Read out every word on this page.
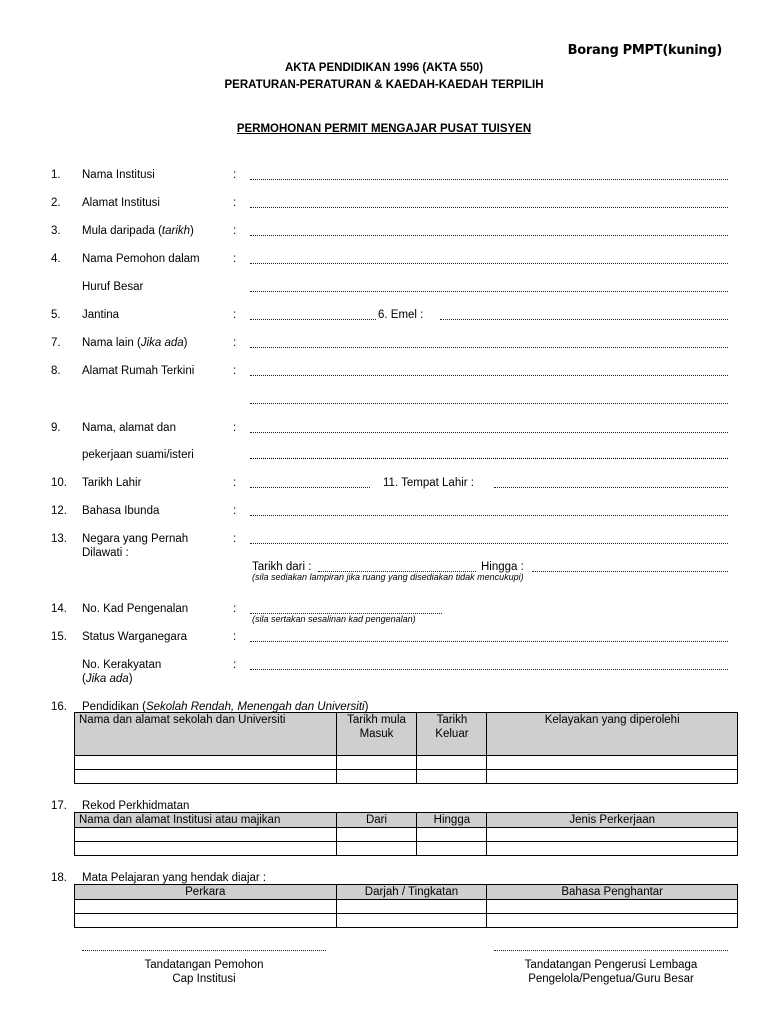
Borang PMPT(kuning)
AKTA PENDIDIKAN 1996 (AKTA 550)
PERATURAN-PERATURAN & KAEDAH-KAEDAH TERPILIH
PERMOHONAN PERMIT MENGAJAR PUSAT TUISYEN
1. Nama Institusi	:
2. Alamat Institusi	:
3. Mula daripada (tarikh)	:
4. Nama Pemohon dalam	:
Huruf Besar
5. Jantina	:	6. Emel :
7. Nama lain (Jika ada)	:
8. Alamat Rumah Terkini	:
9. Nama, alamat dan	:
pekerjaan suami/isteri
10. Tarikh Lahir	:	11. Tempat Lahir :
12. Bahasa Ibunda	:
13. Negara yang Pernah	:
Dilawati :
Tarikh dari :	Hingga :
(sila sediakan lampiran jika ruang yang disediakan tidak mencukupi)
14. No. Kad Pengenalan	:
(sila sertakan sesalinan kad pengenalan)
15. Status Warganegara	:
No. Kerakyatan	:
(Jika ada)
16. Pendidikan (Sekolah Rendah, Menengah dan Universiti)
Nama dan alamat sekolah dan Universiti	Tarikh mula Masuk	Tarikh Keluar	Kelayakan yang diperolehi

17. Rekod Perkhidmatan
Nama dan alamat Institusi atau majikan	Dari	Hingga	Jenis Perkerjaan

18. Mata Pelajaran yang hendak diajar :
Perkara	Darjah / Tingkatan	Bahasa Penghantar

Tandatangan Pemohon
Cap Institusi
Tandatangan Pengerusi Lembaga
Pengelola/Pengetua/Guru Besar
